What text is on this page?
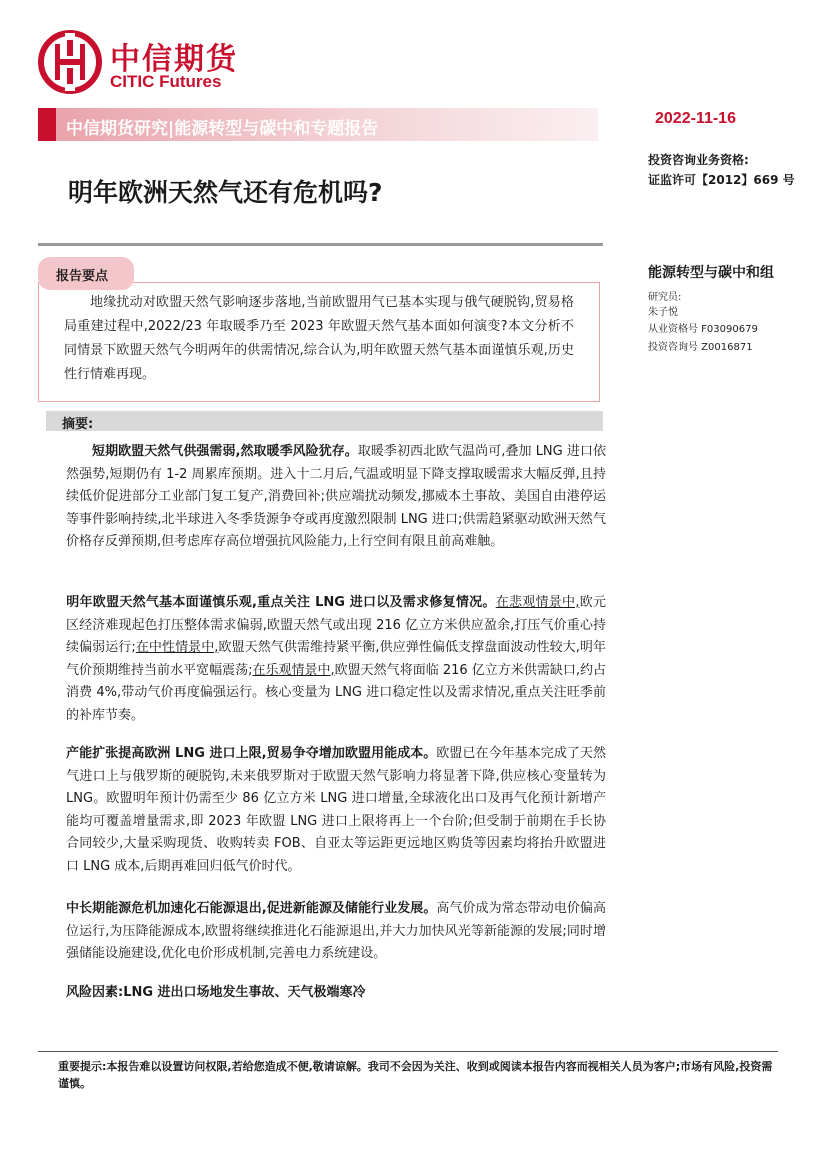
中信期货
CITIC Futures
中信期货研究|能源转型与碳中和专题报告
2022-11-16
投资咨询业务资格:
证监许可【2012】669 号
明年欧洲天然气还有危机吗?
能源转型与碳中和组
研究员:
朱子悦
从业资格号 F03090679
投资咨询号 Z0016871
报告要点

地缘扰动对欧盟天然气影响逐步落地,当前欧盟用气已基本实现与俄气硬脱钩,贸易格局重建过程中,2022/23 年取暖季乃至 2023 年欧盟天然气基本面如何演变?本文分析不同情景下欧盟天然气今明两年的供需情况,综合认为,明年欧盟天然气基本面谨慎乐观,历史性行情难再现。

摘要:

短期欧盟天然气供强需弱,然取暖季风险犹存。取暖季初西北欧气温尚可,叠加 LNG 进口依然强势,短期仍有 1-2 周累库预期。进入十二月后,气温或明显下降支撑取暖需求大幅反弹,且持续低价促进部分工业部门复工复产,消费回补;供应端扰动频发,挪威本土事故、美国自由港停运等事件影响持续,北半球进入冬季货源争夺或再度激烈限制 LNG 进口;供需趋紧驱动欧洲天然气价格存反弹预期,但考虑库存高位增强抗风险能力,上行空间有限且前高难触。

明年欧盟天然气基本面谨慎乐观,重点关注 LNG 进口以及需求修复情况。在悲观情景中,欧元区经济难现起色打压整体需求偏弱,欧盟天然气或出现 216 亿立方米供应盈余,打压气价重心持续偏弱运行;在中性情景中,欧盟天然气供需维持紧平衡,供应弹性偏低支撑盘面波动性较大,明年气价预期维持当前水平宽幅震荡;在乐观情景中,欧盟天然气将面临 216 亿立方米供需缺口,约占消费 4%,带动气价再度偏强运行。核心变量为 LNG 进口稳定性以及需求情况,重点关注旺季前的补库节奏。

产能扩张提高欧洲 LNG 进口上限,贸易争夺增加欧盟用能成本。欧盟已在今年基本完成了天然气进口上与俄罗斯的硬脱钩,未来俄罗斯对于欧盟天然气影响力将显著下降,供应核心变量转为 LNG。欧盟明年预计仍需至少 86 亿立方米 LNG 进口增量,全球液化出口及再气化预计新增产能均可覆盖增量需求,即 2023 年欧盟 LNG 进口上限将再上一个台阶;但受制于前期在手长协合同较少,大量采购现货、收购转卖 FOB、自亚太等运距更远地区购货等因素均将抬升欧盟进口 LNG 成本,后期再难回归低气价时代。

中长期能源危机加速化石能源退出,促进新能源及储能行业发展。高气价成为常态带动电价偏高位运行,为压降能源成本,欧盟将继续推进化石能源退出,并大力加快风光等新能源的发展;同时增强储能设施建设,优化电价形成机制,完善电力系统建设。

风险因素:LNG 进出口场地发生事故、天气极端寒冷

重要提示:本报告难以设置访问权限,若给您造成不便,敬请谅解。我司不会因为关注、收到或阅读本报告内容而视相关人员为客户;市场有风险,投资需谨慎。
